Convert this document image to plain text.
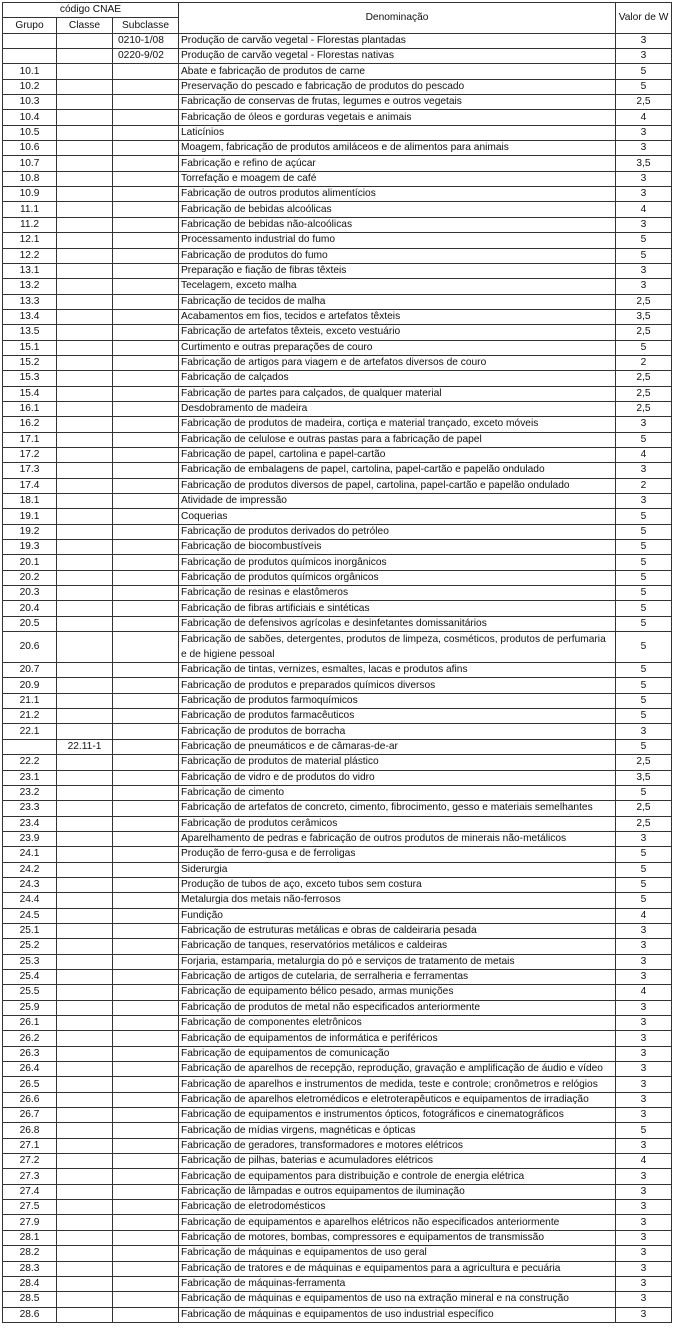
código CNAE			Denominação	Valor de W
Grupo	Classe	Subclasse		
		0210-1/08	Produção de carvão vegetal - Florestas plantadas	3
		0220-9/02	Produção de carvão vegetal - Florestas nativas	3
10.1			Abate e fabricação de produtos de carne	5
10.2			Preservação do pescado e fabricação de produtos do pescado	5
10.3			Fabricação de conservas de frutas, legumes e outros vegetais	2,5
10.4			Fabricação de óleos e gorduras vegetais e animais	4
10.5			Laticínios	3
10.6			Moagem, fabricação de produtos amiláceos e de alimentos para animais	3
10.7			Fabricação e refino de açúcar	3,5
10.8			Torrefação e moagem de café	3
10.9			Fabricação de outros produtos alimentícios	3
11.1			Fabricação de bebidas alcoólicas	4
11.2			Fabricação de bebidas não-alcoólicas	3
12.1			Processamento industrial do fumo	5
12.2			Fabricação de produtos do fumo	5
13.1			Preparação e fiação de fibras têxteis	3
13.2			Tecelagem, exceto malha	3
13.3			Fabricação de tecidos de malha	2,5
13.4			Acabamentos em fios, tecidos e artefatos têxteis	3,5
13.5			Fabricação de artefatos têxteis, exceto vestuário	2,5
15.1			Curtimento e outras preparações de couro	5
15.2			Fabricação de artigos para viagem e de artefatos diversos de couro	2
15.3			Fabricação de calçados	2,5
15.4			Fabricação de partes para calçados, de qualquer material	2,5
16.1			Desdobramento de madeira	2,5
16.2			Fabricação de produtos de madeira, cortiça e material trançado, exceto móveis	3
17.1			Fabricação de celulose e outras pastas para a fabricação de papel	5
17.2			Fabricação de papel, cartolina e papel-cartão	4
17.3			Fabricação de embalagens de papel, cartolina, papel-cartão e papelão ondulado	3
17.4			Fabricação de produtos diversos de papel, cartolina, papel-cartão e papelão ondulado	2
18.1			Atividade de impressão	3
19.1			Coquerias	5
19.2			Fabricação de produtos derivados do petróleo	5
19.3			Fabricação de biocombustíveis	5
20.1			Fabricação de produtos químicos inorgânicos	5
20.2			Fabricação de produtos químicos orgânicos	5
20.3			Fabricação de resinas e elastômeros	5
20.4			Fabricação de fibras artificiais e sintéticas	5
20.5			Fabricação de defensivos agrícolas e desinfetantes domissanitários	5
20.6			Fabricação de sabões, detergentes, produtos de limpeza, cosméticos, produtos de perfumaria e de higiene pessoal	5
20.7			Fabricação de tintas, vernizes, esmaltes, lacas e produtos afins	5
20.9			Fabricação de produtos e preparados químicos diversos	5
21.1			Fabricação de produtos farmoquímicos	5
21.2			Fabricação de produtos farmacêuticos	5
22.1			Fabricação de produtos de borracha	3
	22.11-1		Fabricação de pneumáticos e de câmaras-de-ar	5
22.2			Fabricação de produtos de material plástico	2,5
23.1			Fabricação de vidro e de produtos do vidro	3,5
23.2			Fabricação de cimento	5
23.3			Fabricação de artefatos de concreto, cimento, fibrocimento, gesso e materiais semelhantes	2,5
23.4			Fabricação de produtos cerâmicos	2,5
23.9			Aparelhamento de pedras e fabricação de outros produtos de minerais não-metálicos	3
24.1			Produção de ferro-gusa e de ferroligas	5
24.2			Siderurgia	5
24.3			Produção de tubos de aço, exceto tubos sem costura	5
24.4			Metalurgia dos metais não-ferrosos	5
24.5			Fundição	4
25.1			Fabricação de estruturas metálicas e obras de caldeiraria pesada	3
25.2			Fabricação de tanques, reservatórios metálicos e caldeiras	3
25.3			Forjaria, estamparia, metalurgia do pó e serviços de tratamento de metais	3
25.4			Fabricação de artigos de cutelaria, de serralheria e ferramentas	3
25.5			Fabricação de equipamento bélico pesado, armas munições	4
25.9			Fabricação de produtos de metal não especificados anteriormente	3
26.1			Fabricação de componentes eletrônicos	3
26.2			Fabricação de equipamentos de informática e periféricos	3
26.3			Fabricação de equipamentos de comunicação	3
26.4			Fabricação de aparelhos de recepção, reprodução, gravação e amplificação de áudio e vídeo	3
26.5			Fabricação de aparelhos e instrumentos de medida, teste e controle; cronômetros e relógios	3
26.6			Fabricação de aparelhos eletromédicos e eletroterapêuticos e equipamentos de irradiação	3
26.7			Fabricação de equipamentos e instrumentos ópticos, fotográficos e cinematográficos	3
26.8			Fabricação de mídias virgens, magnéticas e ópticas	5
27.1			Fabricação de geradores, transformadores e motores elétricos	3
27.2			Fabricação de pilhas, baterias e acumuladores elétricos	4
27.3			Fabricação de equipamentos para distribuição e controle de energia elétrica	3
27.4			Fabricação de lâmpadas e outros equipamentos de iluminação	3
27.5			Fabricação de eletrodomésticos	3
27.9			Fabricação de equipamentos e aparelhos elétricos não especificados anteriormente	3
28.1			Fabricação de motores, bombas, compressores e equipamentos de transmissão	3
28.2			Fabricação de máquinas e equipamentos de uso geral	3
28.3			Fabricação de tratores e de máquinas e equipamentos para a agricultura e pecuária	3
28.4			Fabricação de máquinas-ferramenta	3
28.5			Fabricação de máquinas e equipamentos de uso na extração mineral e na construção	3
28.6			Fabricação de máquinas e equipamentos de uso industrial específico	3
